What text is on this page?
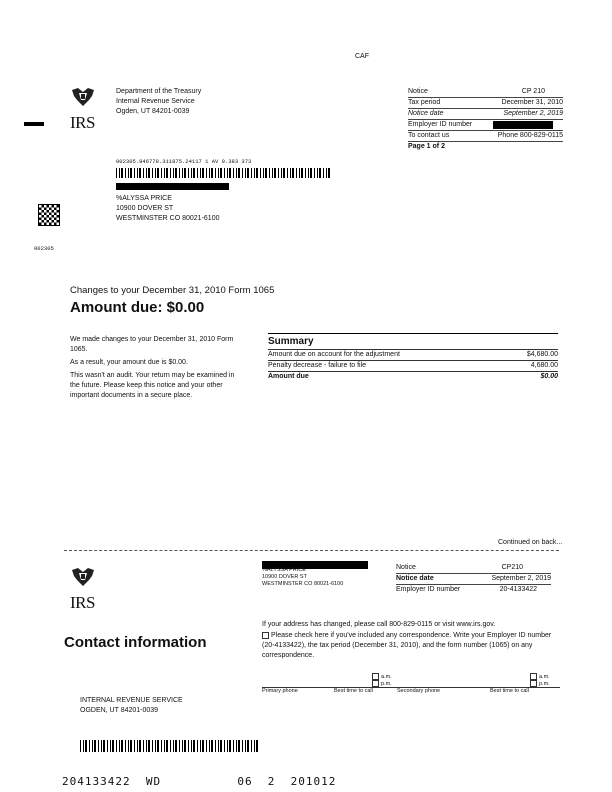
CAF
IRS
Department of the Treasury
Internal Revenue Service
Ogden, UT 84201-0039
Notice	CP 210
Tax period	December 31, 2010
Notice date	September 2, 2019
Employer ID number
To contact us	Phone 800-829-0115
Page 1 of 2
002305.846778.311875.24117 1 AV 0.383 373
%ALYSSA PRICE
10900 DOVER ST
WESTMINSTER CO 80021-6100
002305
Changes to your December 31, 2010 Form 1065
Amount due: $0.00
We made changes to your December 31, 2010 Form 1065.
As a result, your amount due is $0.00.
This wasn't an audit. Your return may be examined in the future. Please keep this notice and your other important documents in a secure place.
Summary
Amount due on account for the adjustment	$4,680.00
Penalty decrease - failure to file	4,680.00
Amount due	$0.00
Continued on back...
IRS
%ALYSSA PRICE
10900 DOVER ST
WESTMINSTER CO 80021-6100
Notice	CP210
Notice date	September 2, 2019
Employer ID number	20-4133422
Contact information
If your address has changed, please call 800-829-0115 or visit www.irs.gov.
Please check here if you've included any correspondence. Write your Employer ID number (20-4133422), the tax period (December 31, 2010), and the form number (1065) on any correspondence.
a.m.
p.m.
a.m.
p.m.
Primary phone	Best time to call	Secondary phone	Best time to call
INTERNAL REVENUE SERVICE
OGDEN, UT 84201-0039
204133422  WD          06  2  201012
